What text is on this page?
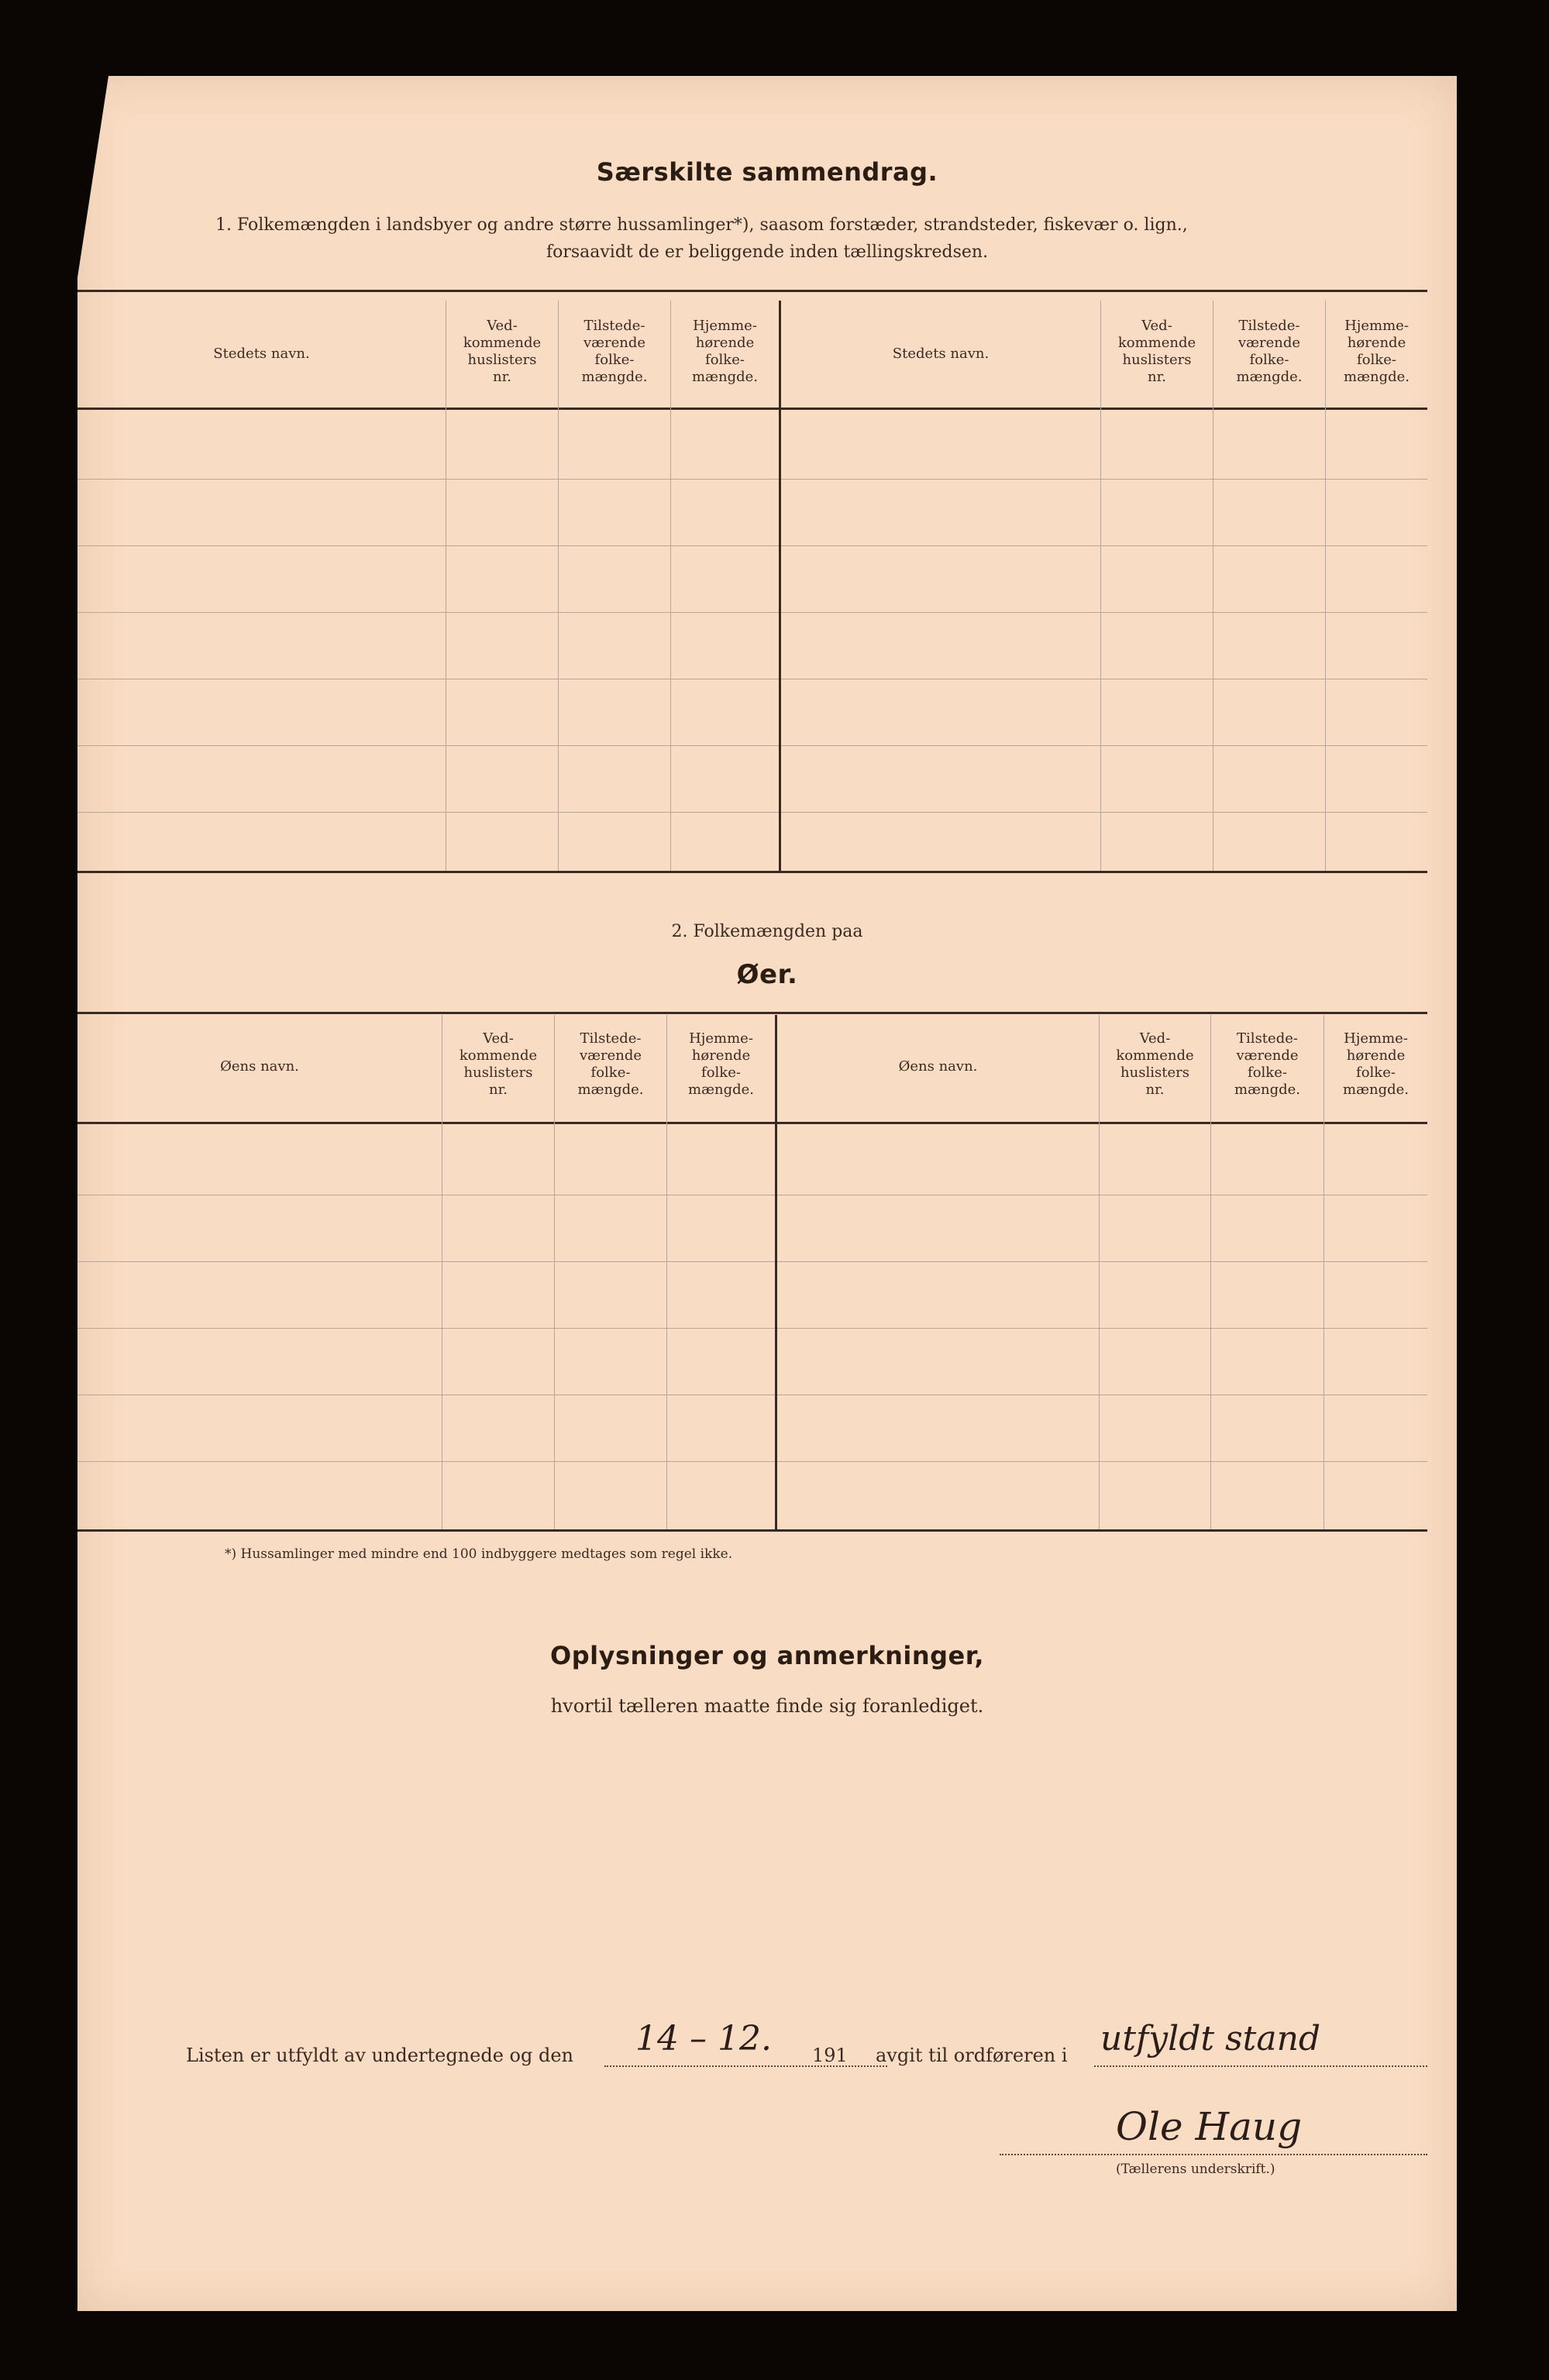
Særskilte sammendrag.
1. Folkemængden i landsbyer og andre større hussamlinger*), saasom forstæder, strandsteder, fiskevær o. lign.,
forsaavidt de er beliggende inden tællingskredsen.
Stedets navn.
Ved-
kommende
huslisters
nr.
Tilstede-
værende
folke-
mængde.
Hjemme-
hørende
folke-
mængde.
Stedets navn.
Ved-
kommende
huslisters
nr.
Tilstede-
værende
folke-
mængde.
Hjemme-
hørende
folke-
mængde.
2. Folkemængden paa
Øer.
Øens navn.
Ved-
kommende
huslisters
nr.
Tilstede-
værende
folke-
mængde.
Hjemme-
hørende
folke-
mængde.
Øens navn.
Ved-
kommende
huslisters
nr.
Tilstede-
værende
folke-
mængde.
Hjemme-
hørende
folke-
mængde.
*) Hussamlinger med mindre end 100 indbyggere medtages som regel ikke.
Oplysninger og anmerkninger,
hvortil tælleren maatte finde sig foranlediget.
Listen er utfyldt av undertegnede og den 14 – 12. 191 avgit til ordføreren i utfyldt stand
Ole Haug
(Tællerens underskrift.)
